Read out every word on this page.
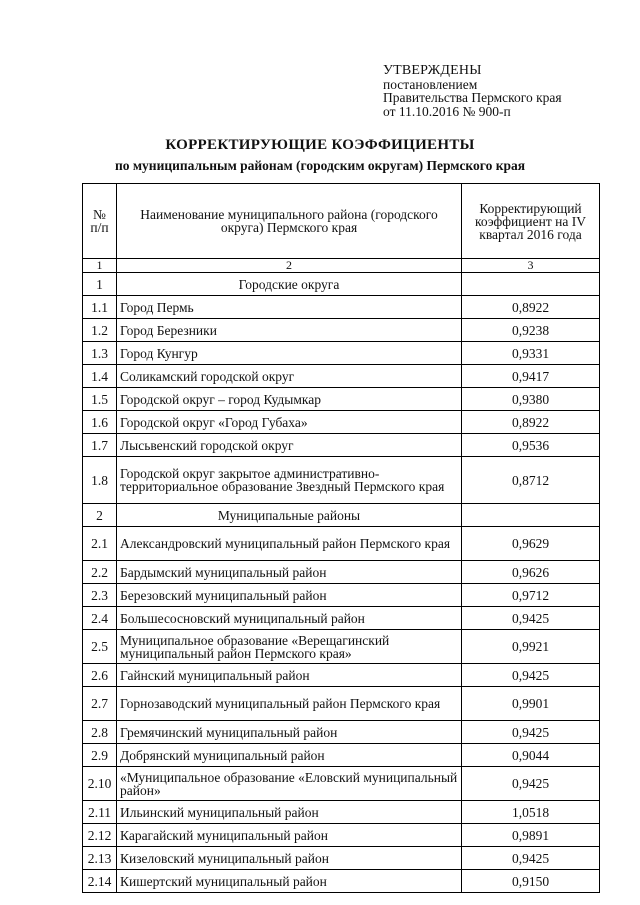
УТВЕРЖДЕНЫ
постановлением
Правительства Пермского края
от 11.10.2016 № 900-п
КОРРЕКТИРУЮЩИЕ КОЭФФИЦИЕНТЫ
по муниципальным районам (городским округам) Пермского края
№ п/п	Наименование муниципального района (городского округа) Пермского края	Корректирующий коэффициент на IV квартал 2016 года
1	2	3
1	Городские округа	
1.1	Город Пермь	0,8922
1.2	Город Березники	0,9238
1.3	Город Кунгур	0,9331
1.4	Соликамский городской округ	0,9417
1.5	Городской округ – город Кудымкар	0,9380
1.6	Городской округ «Город Губаха»	0,8922
1.7	Лысьвенский городской округ	0,9536
1.8	Городской округ закрытое административно-территориальное образование Звездный Пермского края	0,8712
2	Муниципальные районы	
2.1	Александровский муниципальный район Пермского края	0,9629
2.2	Бардымский муниципальный район	0,9626
2.3	Березовский муниципальный район	0,9712
2.4	Большесосновский муниципальный район	0,9425
2.5	Муниципальное образование «Верещагинский муниципальный район Пермского края»	0,9921
2.6	Гайнский муниципальный район	0,9425
2.7	Горнозаводский муниципальный район Пермского края	0,9901
2.8	Гремячинский муниципальный район	0,9425
2.9	Добрянский муниципальный район	0,9044
2.10	«Муниципальное образование «Еловский муниципальный район»	0,9425
2.11	Ильинский муниципальный район	1,0518
2.12	Карагайский муниципальный район	0,9891
2.13	Кизеловский муниципальный район	0,9425
2.14	Кишертский муниципальный район	0,9150
